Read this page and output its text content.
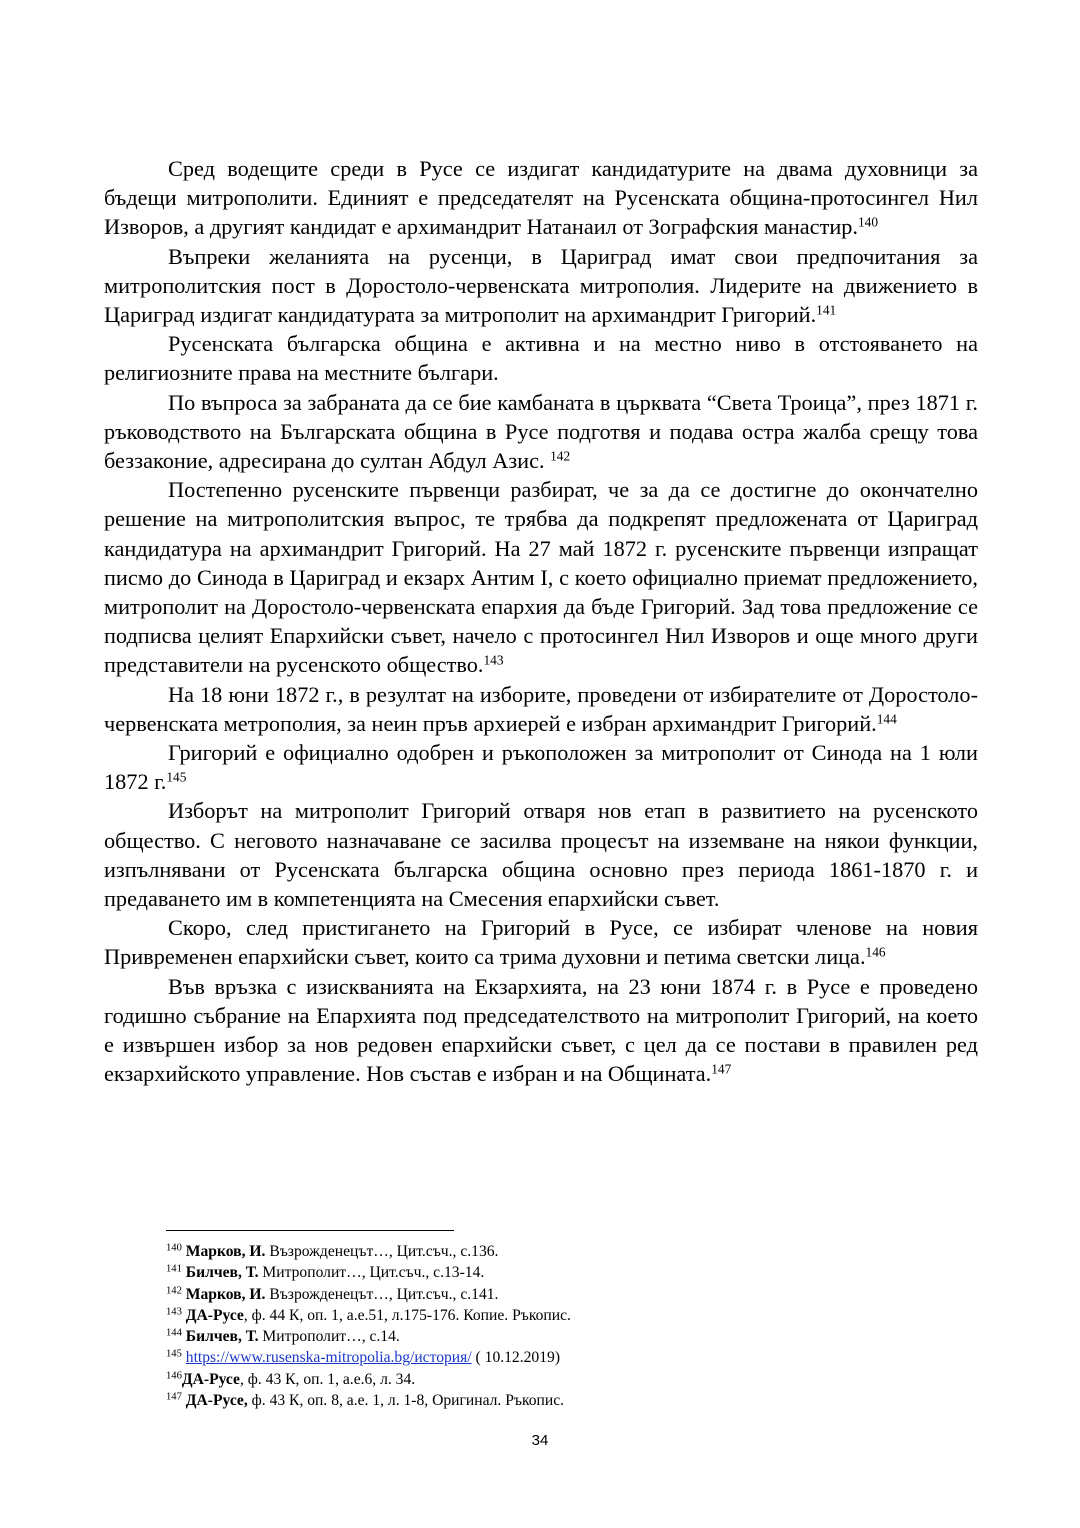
Сред водещите среди в Русе се издигат кандидатурите на двама духовници за бъдещи митрополити. Единият е председателят на Русенската община-протосингел Нил Изворов, а другият кандидат е архимандрит Натанаил от Зографския манастир.$^{140}$

Въпреки желанията на русенци, в Цариград имат свои предпочитания за митрополитския пост в Доростоло-червенската митрополия. Лидерите на движението в Цариград издигат кандидатурата за митрополит на архимандрит Григорий.$^{141}$

Русенската българска община е активна и на местно ниво в отстояването на религиозните права на местните българи.

По въпроса за забраната да се бие камбаната в църквата “Света Троица”, през 1871 г. ръководството на Българската община в Русе подготвя и подава остра жалба срещу това беззаконие, адресирана до султан Абдул Азис. $^{142}$

Постепенно русенските първенци разбират, че за да се достигне до окончателно решение на митрополитския въпрос, те трябва да подкрепят предложената от Цариград кандидатура на архимандрит Григорий. На 27 май 1872 г. русенските първенци изпращат писмо до Синода в Цариград и екзарх Антим I, с което официално приемат предложението, митрополит на Доростоло-червенската епархия да бъде Григорий. Зад това предложение се подписва целият Епархийски съвет, начело с протосингел Нил Изворов и още много други представители на русенското общество.$^{143}$

На 18 юни 1872 г., в резултат на изборите, проведени от избирателите от Доростоло-червенската метрополия, за неин пръв архиерей е избран архимандрит Григорий.$^{144}$

Григорий е официално одобрен и ръкоположен за митрополит от Синода на 1 юли 1872 г.$^{145}$

Изборът на митрополит Григорий отваря нов етап в развитието на русенското общество. С неговото назначаване се засилва процесът на изземване на някои функции, изпълнявани от Русенската българска община основно през периода 1861-1870 г. и предаването им в компетенцията на Смесения епархийски съвет.

Скоро, след пристигането на Григорий в Русе, се избират членове на новия Привременен епархийски съвет, които са трима духовни и петима светски лица.$^{146}$

Във връзка с изискванията на Екзархията, на 23 юни 1874 г. в Русе е проведено годишно събрание на Епархията под председателството на митрополит Григорий, на което е извършен избор за нов редовен епархийски съвет, с цел да се постави в правилен ред екзархийското управление. Нов състав е избран и на Общината.$^{147}$

$^{140}$ Марков, И. Възрожденецът…, Цит.съч., с.136.

$^{141}$ Билчев, Т. Митрополит…, Цит.съч., с.13-14.

$^{142}$ Марков, И. Възрожденецът…, Цит.съч., с.141.

$^{143}$ ДА-Русе, ф. 44 К, оп. 1, а.е.51, л.175-176. Копие. Ръкопис.

$^{144}$ Билчев, Т. Митрополит…, с.14.

$^{145}$ https://www.rusenska-mitropolia.bg/история/ ( 10.12.2019)

$^{146}$ДА-Русе, ф. 43 К, оп. 1, а.е.6, л. 34.

$^{147}$ ДА-Русе, ф. 43 К, оп. 8, а.е. 1, л. 1-8, Оригинал. Ръкопис.

34
